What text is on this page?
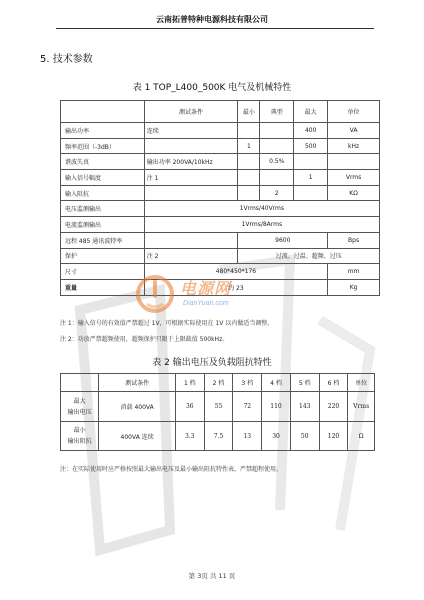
云南拓普特种电源科技有限公司
5. 技术参数
表 1 TOP_L400_500K 电气及机械特性
	测试条件	最小	典型	最大	单位
输出功率	连续			400	VA
频率范围（-3dB）		1		500	kHz
谐波失真	输出功率 200VA/10kHz		0.5%		
输入信号幅度	注 1			1	Vrms
输入阻抗			2		KΩ
电压监测输出	1Vrms/40Vrms				
电流监测输出	1Vrms/8Arms				
远程 485 通讯波特率		9600			Bps
保护	注 2	过流、过温、超频、过压			
尺寸	480*450*176				mm
重量	约 23				Kg
电源网
DianYuan.com
注 1：输入信号的有效值严禁超过 1V，可根据实际使用在 1V 以内做适当调整。
注 2：功放严禁超频使用，超频保护只限于上限截值 500kHz。
表 2 输出电压及负载阻抗特性
	测试条件	1 档	2 档	3 档	4 档	5 档	6 档	单位

最大
输出电压	消载 400VA	36	55	72	110	143	220	Vrms

最小
输出阻抗	400VA 连续	3.3	7.5	13	30	50	120	Ω
注：在实际使用时应严格按照最大输出电压及最小输出阻抗特性表，严禁超程使用。
第 3页 共 11 页
